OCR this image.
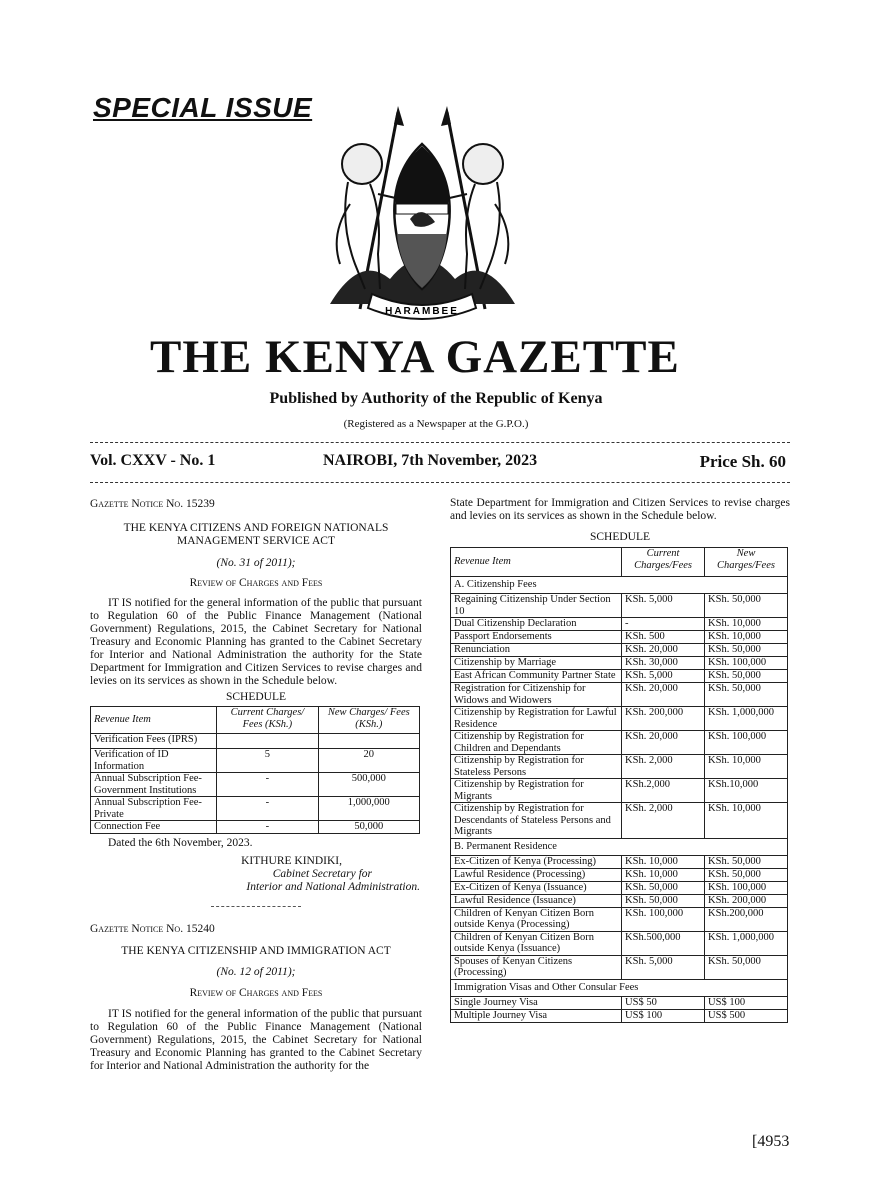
SPECIAL ISSUE
HARAMBEE
THE KENYA GAZETTE
Published by Authority of the Republic of Kenya
(Registered as a Newspaper at the G.P.O.)
Vol. CXXV - No. 1	NAIROBI, 7th November, 2023	Price Sh. 60

Gazette Notice No. 15239

THE KENYA CITIZENS AND FOREIGN NATIONALS MANAGEMENT SERVICE ACT

(No. 31 of 2011);

Review of Charges and Fees

IT IS notified for the general information of the public that pursuant to Regulation 60 of the Public Finance Management (National Government) Regulations, 2015, the Cabinet Secretary for National Treasury and Economic Planning has granted to the Cabinet Secretary for Interior and National Administration the authority for the State Department for Immigration and Citizen Services to revise charges and levies on its services as shown in the Schedule below.

SCHEDULE

Revenue Item	Current Charges/ Fees (KSh.)	New Charges/ Fees (KSh.)
Verification Fees (IPRS)		
Verification of ID Information	5	20
Annual Subscription Fee-Government Institutions	-	500,000
Annual Subscription Fee-Private	-	1,000,000
Connection Fee	-	50,000

Dated the 6th November, 2023.

KITHURE KINDIKI,

Cabinet Secretary for

Interior and National Administration.

Gazette Notice No. 15240

THE KENYA CITIZENSHIP AND IMMIGRATION ACT

(No. 12 of 2011);

Review of Charges and Fees

IT IS notified for the general information of the public that pursuant to Regulation 60 of the Public Finance Management (National Government) Regulations, 2015, the Cabinet Secretary for National Treasury and Economic Planning has granted to the Cabinet Secretary for Interior and National Administration the authority for the

State Department for Immigration and Citizen Services to revise charges and levies on its services as shown in the Schedule below.

SCHEDULE

Revenue Item	Current Charges/Fees	New Charges/Fees
A. Citizenship Fees		
Regaining Citizenship Under Section 10	KSh. 5,000	KSh. 50,000
Dual Citizenship Declaration	-	KSh. 10,000
Passport Endorsements	KSh. 500	KSh. 10,000
Renunciation	KSh. 20,000	KSh. 50,000
Citizenship by Marriage	KSh. 30,000	KSh. 100,000
East African Community Partner State	KSh. 5,000	KSh. 50,000
Registration for Citizenship for Widows and Widowers	KSh. 20,000	KSh. 50,000
Citizenship by Registration for Lawful Residence	KSh. 200,000	KSh. 1,000,000
Citizenship by Registration for Children and Dependants	KSh. 20,000	KSh. 100,000
Citizenship by Registration for Stateless Persons	KSh. 2,000	KSh. 10,000
Citizenship by Registration for Migrants	KSh.2,000	KSh.10,000
Citizenship by Registration for Descendants of Stateless Persons and Migrants	KSh. 2,000	KSh. 10,000
B. Permanent Residence		
Ex-Citizen of Kenya (Processing)	KSh. 10,000	KSh. 50,000
Lawful Residence (Processing)	KSh. 10,000	KSh. 50,000
Ex-Citizen of Kenya (Issuance)	KSh. 50,000	KSh. 100,000
Lawful Residence (Issuance)	KSh. 50,000	KSh. 200,000
Children of Kenyan Citizen Born outside Kenya (Processing)	KSh. 100,000	KSh.200,000
Children of Kenyan Citizen Born outside Kenya (Issuance)	KSh.500,000	KSh. 1,000,000
Spouses of Kenyan Citizens (Processing)	KSh. 5,000	KSh. 50,000
Immigration Visas and Other Consular Fees		
Single Journey Visa	US$ 50	US$ 100
Multiple Journey Visa	US$ 100	US$ 500
[4953
